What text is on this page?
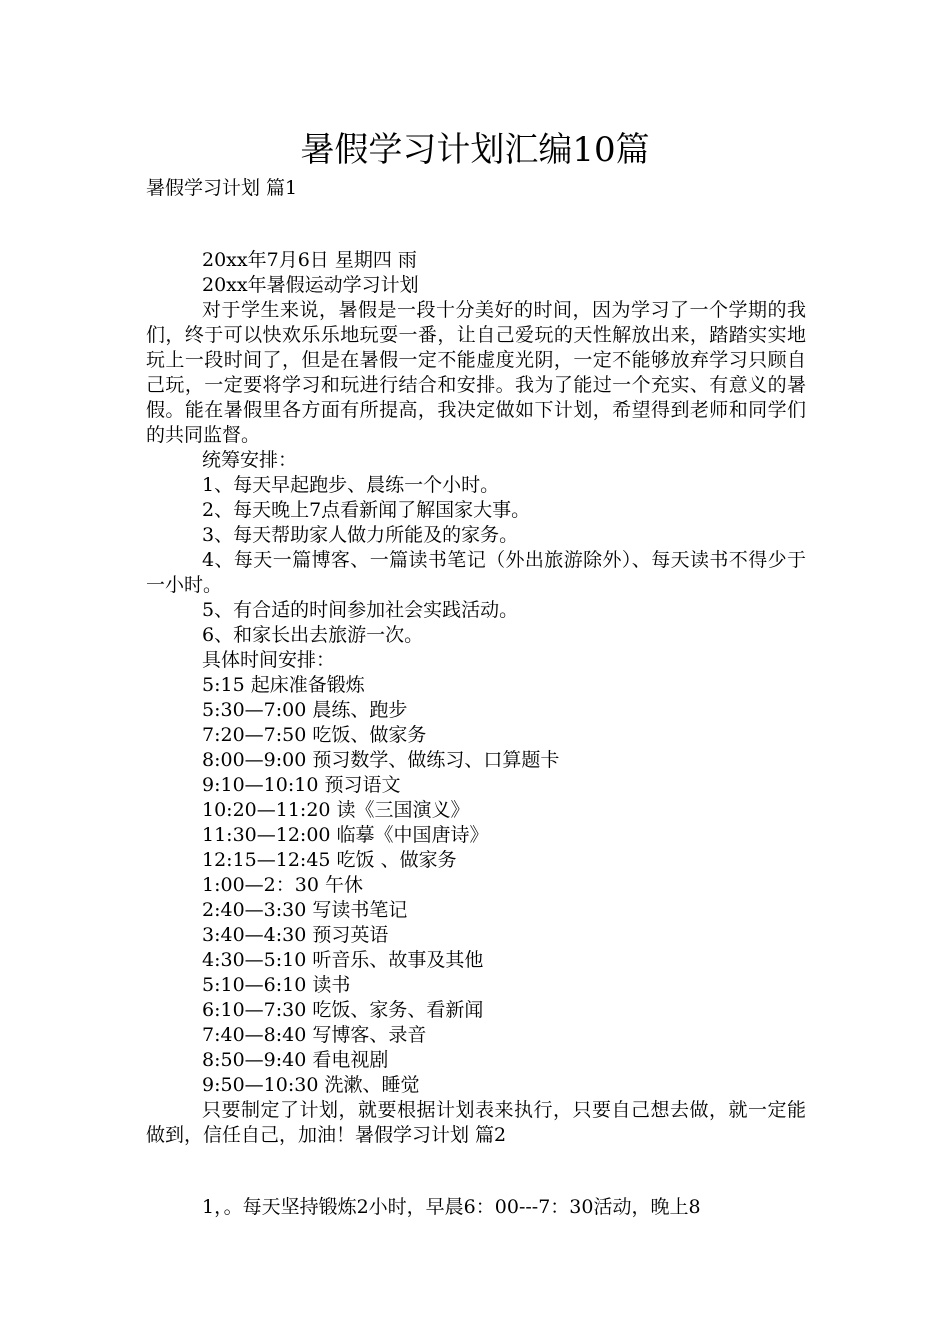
暑假学习计划汇编10篇
暑假学习计划 篇1
20xx年7月6日 星期四 雨
20xx年暑假运动学习计划
对于学生来说，暑假是一段十分美好的时间，因为学习了一个学期的我们，终于可以快欢乐乐地玩耍一番，让自己爱玩的天性解放出来，踏踏实实地玩上一段时间了，但是在暑假一定不能虚度光阴，一定不能够放弃学习只顾自己玩，一定要将学习和玩进行结合和安排。我为了能过一个充实、有意义的暑假。能在暑假里各方面有所提高，我决定做如下计划，希望得到老师和同学们的共同监督。
统筹安排：
1、每天早起跑步、晨练一个小时。
2、每天晚上7点看新闻了解国家大事。
3、每天帮助家人做力所能及的家务。
4、每天一篇博客、一篇读书笔记（外出旅游除外）、每天读书不得少于一小时。
5、有合适的时间参加社会实践活动。
6、和家长出去旅游一次。
具体时间安排：
5:15 起床准备锻炼
5:30—7:00 晨练、跑步
7:20—7:50 吃饭、做家务
8:00—9:00 预习数学、做练习、口算题卡
9:10—10:10 预习语文
10:20—11:20 读《三国演义》
11:30—12:00 临摹《中国唐诗》
12:15—12:45 吃饭 、做家务
1:00—2：30 午休
2:40—3:30 写读书笔记
3:40—4:30 预习英语
4:30—5:10 听音乐、故事及其他
5:10—6:10 读书
6:10—7:30 吃饭、家务、看新闻
7:40—8:40 写博客、录音
8:50—9:40 看电视剧
9:50—10:30 洗漱、睡觉
只要制定了计划，就要根据计划表来执行，只要自己想去做，就一定能做到，信任自己，加油！暑假学习计划 篇2
1，。每天坚持锻炼2小时，早晨6：00---7：30活动，晚上8
